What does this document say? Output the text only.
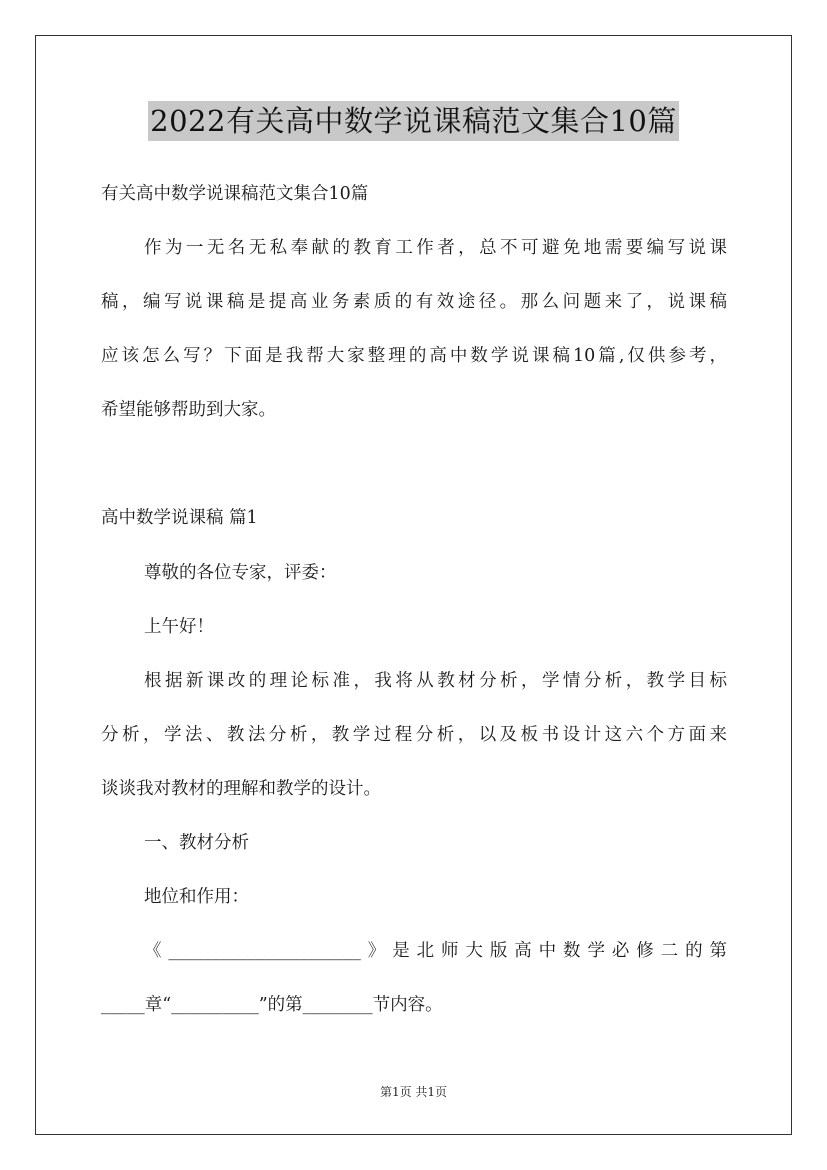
2022有关高中数学说课稿范文集合10篇
有关高中数学说课稿范文集合10篇
作为一无名无私奉献的教育工作者，总不可避免地需要编写说课
稿，编写说课稿是提高业务素质的有效途径。那么问题来了，说课稿
应该怎么写？下面是我帮大家整理的高中数学说课稿10篇,仅供参考，
希望能够帮助到大家。
高中数学说课稿 篇1
尊敬的各位专家，评委：
上午好！
根据新课改的理论标准，我将从教材分析，学情分析，教学目标
分析，学法、教法分析，教学过程分析，以及板书设计这六个方面来
谈谈我对教材的理解和教学的设计。
一、教材分析
地位和作用：
《______________________》是北师大版高中数学必修二的第
_____章“__________”的第________节内容。
第1页 共1页
